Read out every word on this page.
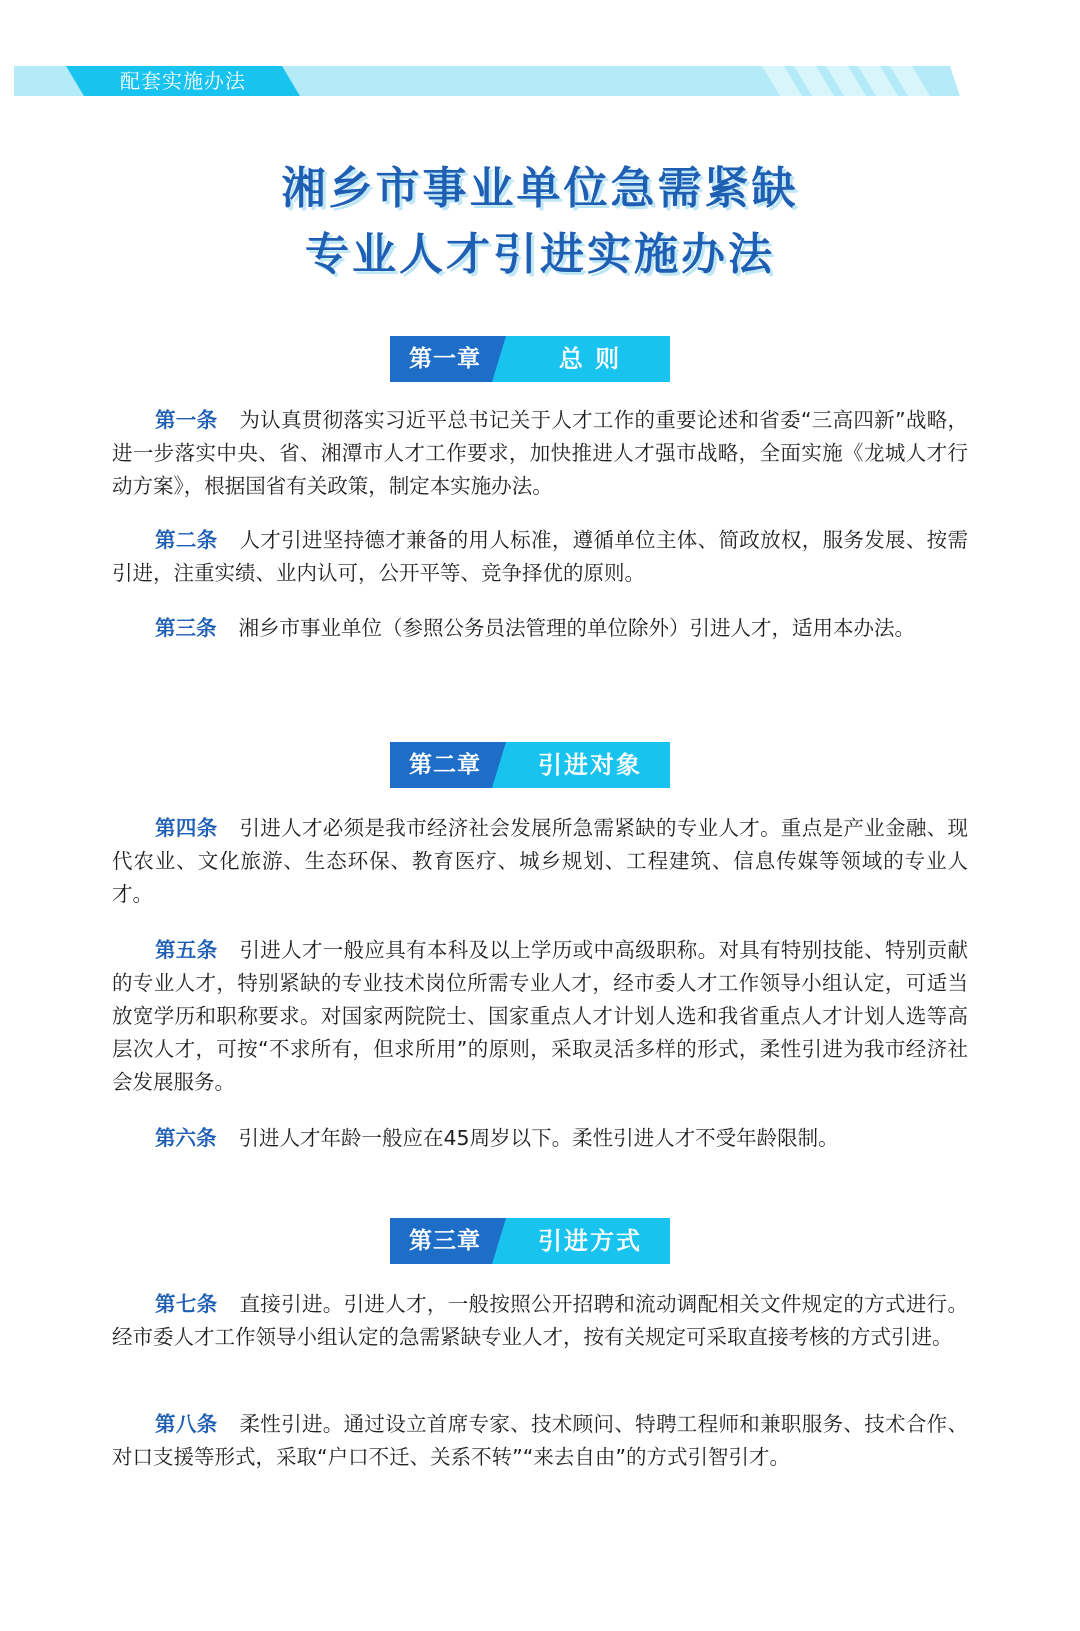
配套实施办法
湘乡市事业单位急需紧缺
专业人才引进实施办法
第一章	总 则
第一条 为认真贯彻落实习近平总书记关于人才工作的重要论述和省委“三高四新”战略，进一步落实中央、省、湘潭市人才工作要求，加快推进人才强市战略，全面实施《龙城人才行动方案》，根据国省有关政策，制定本实施办法。
第二条 人才引进坚持德才兼备的用人标准，遵循单位主体、简政放权，服务发展、按需引进，注重实绩、业内认可，公开平等、竞争择优的原则。
第三条 湘乡市事业单位（参照公务员法管理的单位除外）引进人才，适用本办法。
第二章	引进对象
第四条 引进人才必须是我市经济社会发展所急需紧缺的专业人才。重点是产业金融、现代农业、文化旅游、生态环保、教育医疗、城乡规划、工程建筑、信息传媒等领域的专业人才。
第五条 引进人才一般应具有本科及以上学历或中高级职称。对具有特别技能、特别贡献的专业人才，特别紧缺的专业技术岗位所需专业人才，经市委人才工作领导小组认定，可适当放宽学历和职称要求。对国家两院院士、国家重点人才计划人选和我省重点人才计划人选等高层次人才，可按“不求所有，但求所用”的原则，采取灵活多样的形式，柔性引进为我市经济社会发展服务。
第六条 引进人才年龄一般应在45周岁以下。柔性引进人才不受年龄限制。
第三章	引进方式
第七条 直接引进。引进人才，一般按照公开招聘和流动调配相关文件规定的方式进行。经市委人才工作领导小组认定的急需紧缺专业人才，按有关规定可采取直接考核的方式引进。
第八条 柔性引进。通过设立首席专家、技术顾问、特聘工程师和兼职服务、技术合作、对口支援等形式，采取“户口不迁、关系不转”“来去自由”的方式引智引才。
